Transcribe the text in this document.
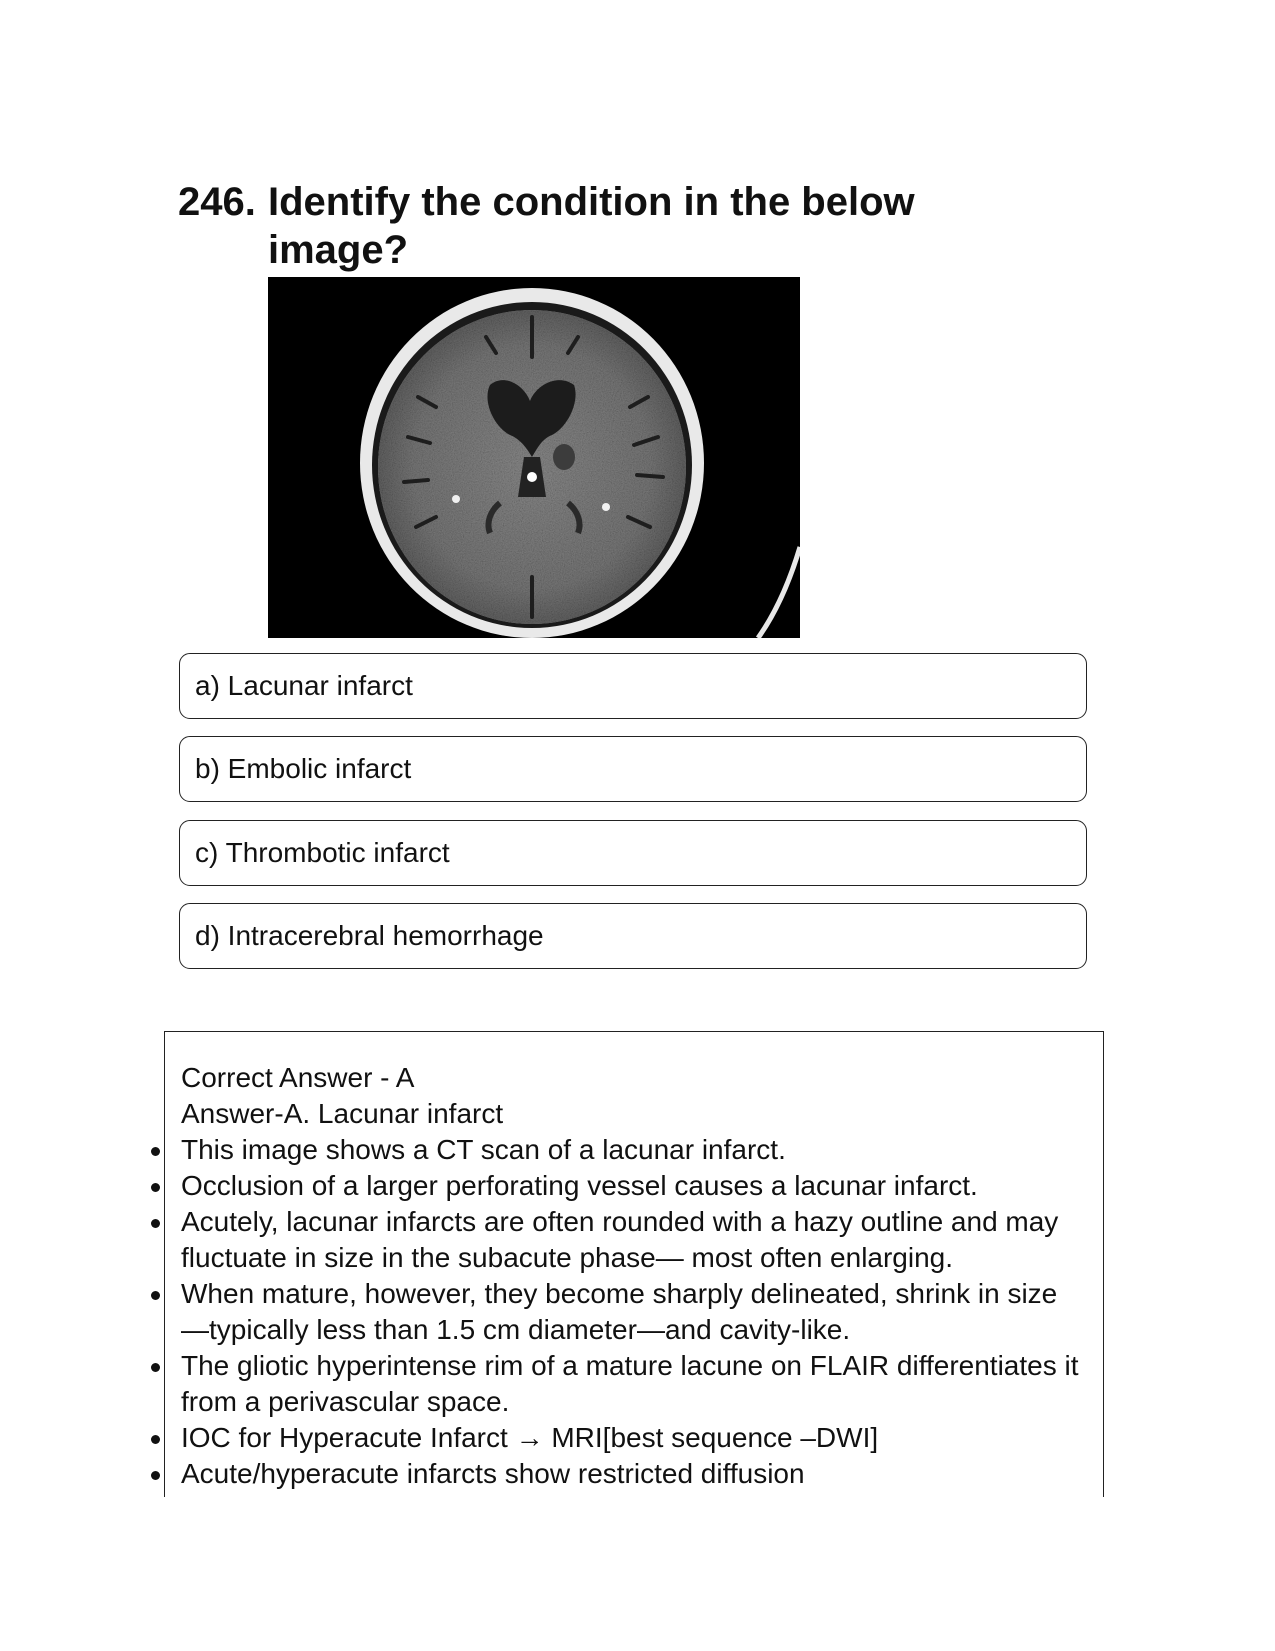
246. Identify the condition in the below image?
a) Lacunar infarct
b) Embolic infarct
c) Thrombotic infarct
d) Intracerebral hemorrhage
Correct Answer - A
Answer-A. Lacunar infarct
This image shows a CT scan of a lacunar infarct.
Occlusion of a larger perforating vessel causes a lacunar infarct.
Acutely, lacunar infarcts are often rounded with a hazy outline and may fluctuate in size in the subacute phase— most often enlarging.
When mature, however, they become sharply delineated, shrink in size—typically less than 1.5 cm diameter—and cavity-like.
The gliotic hyperintense rim of a mature lacune on FLAIR differentiates it from a perivascular space.
IOC for Hyperacute Infarct → MRI[best sequence –DWI]
Acute/hyperacute infarcts show restricted diffusion
